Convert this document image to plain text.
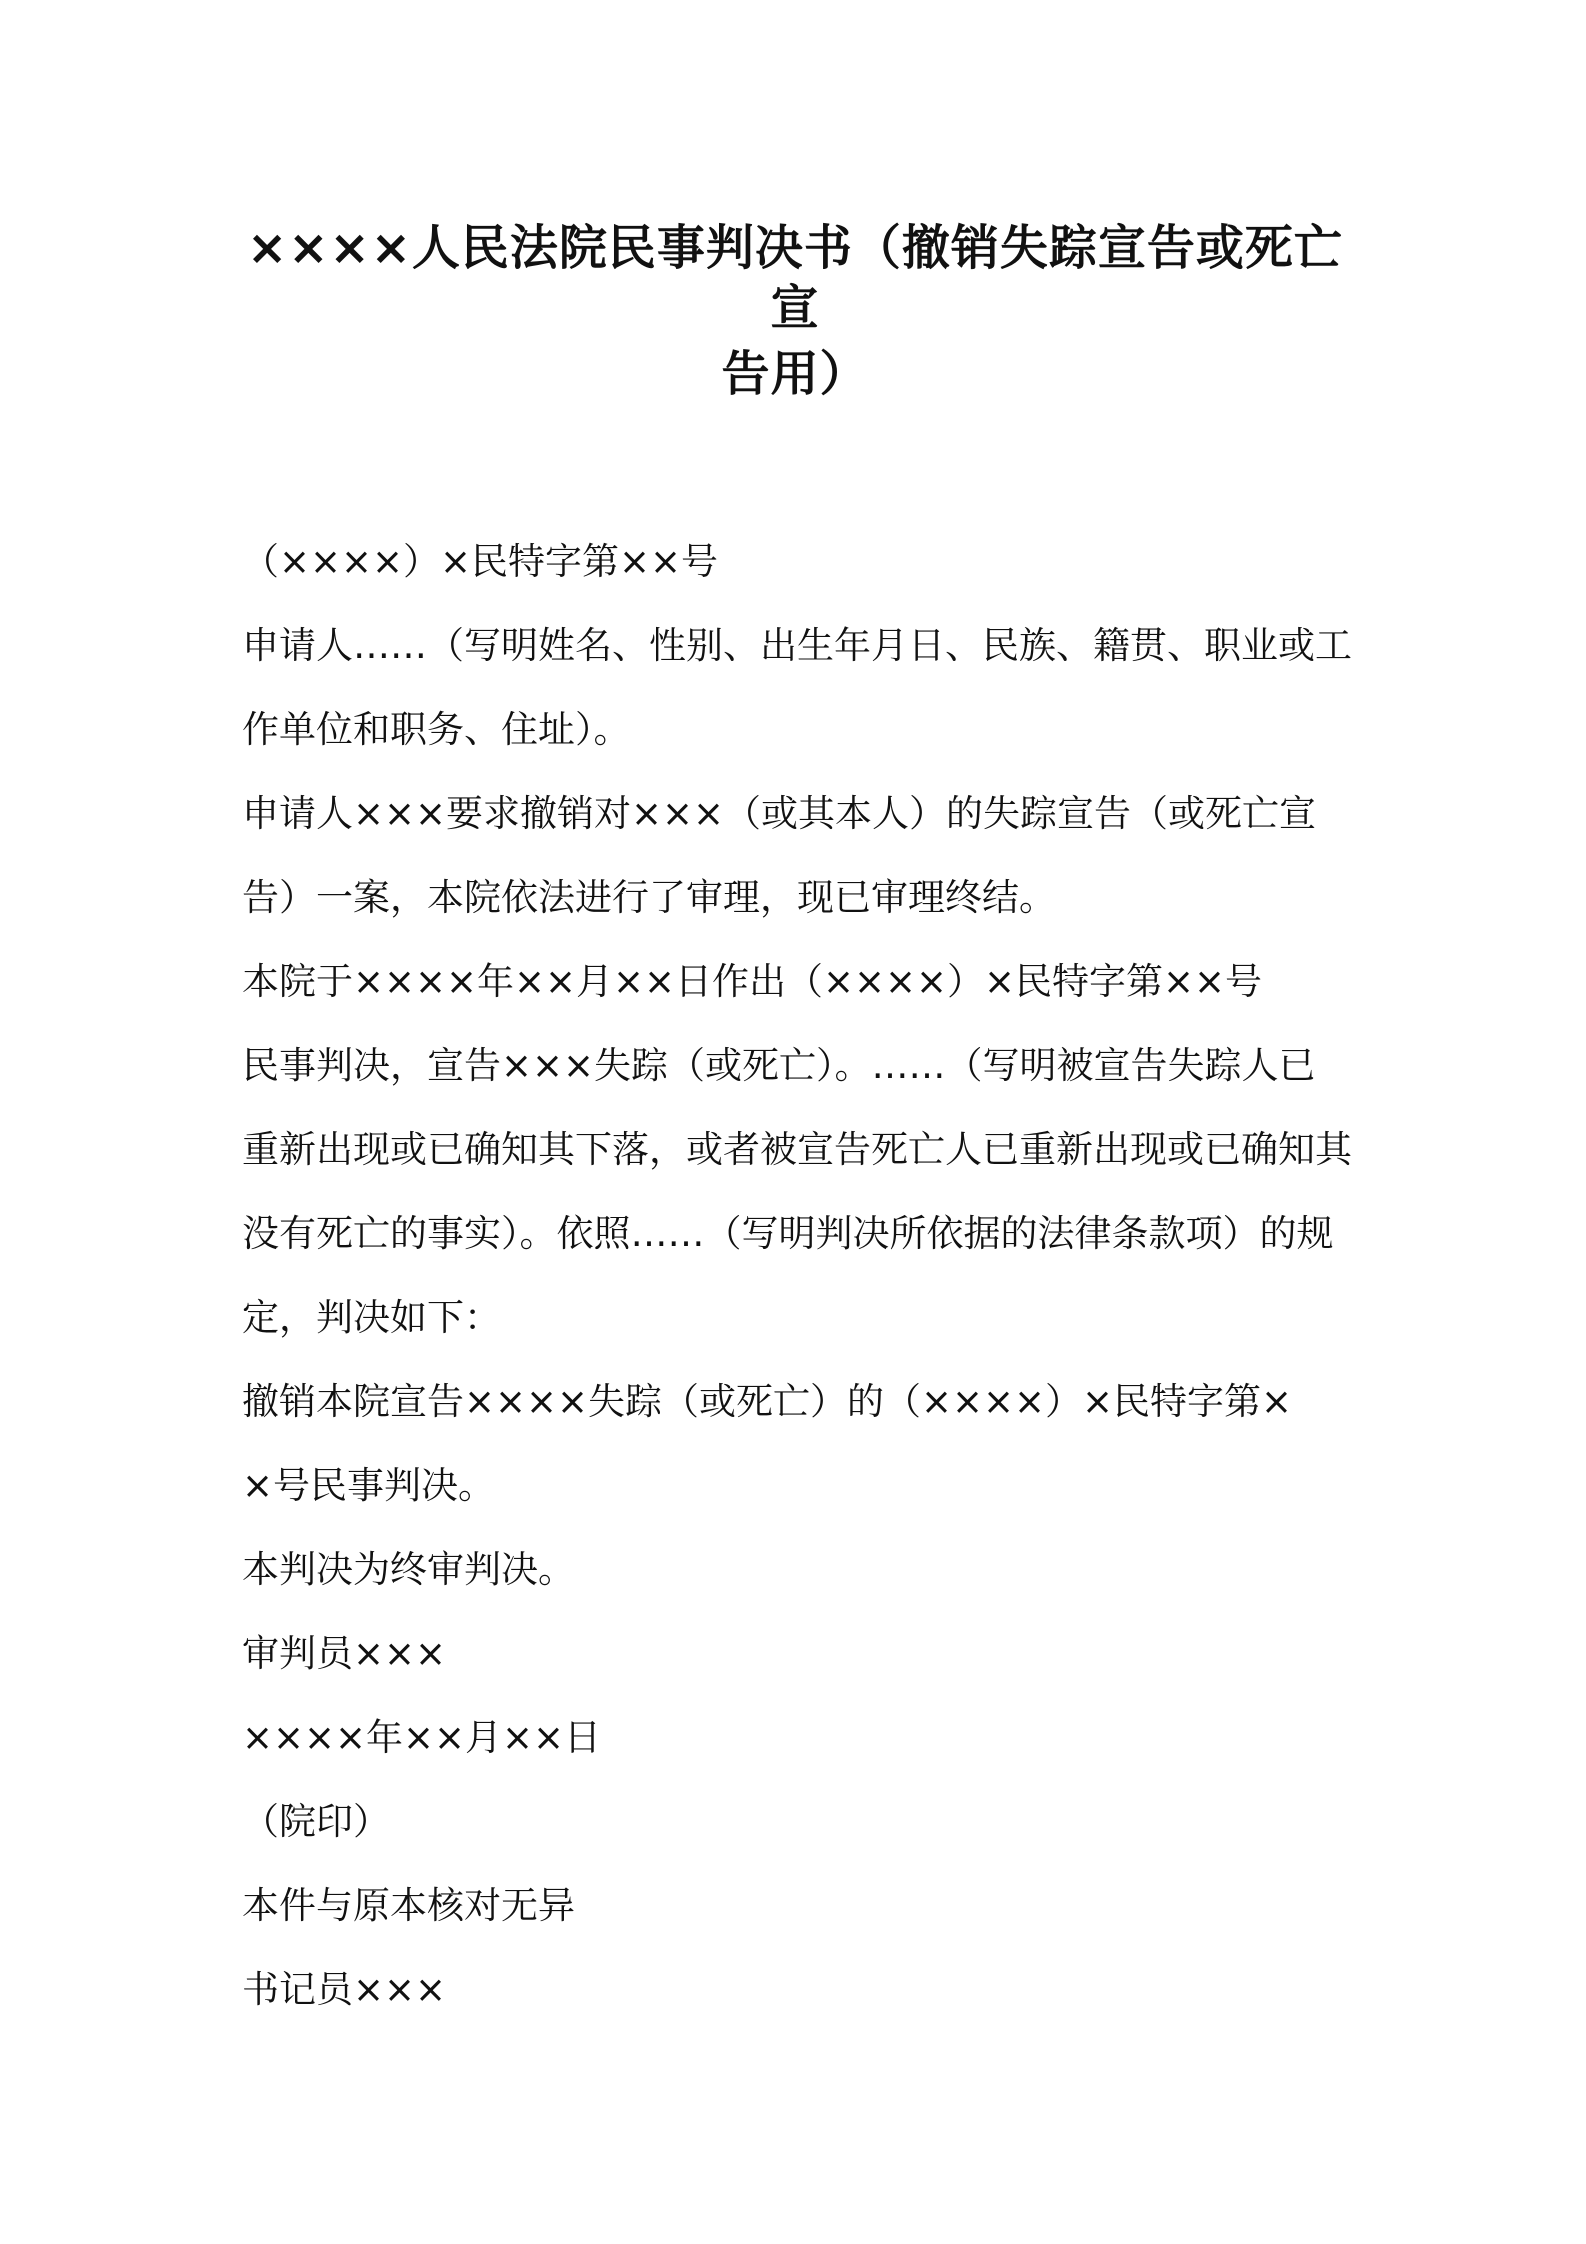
××××人民法院民事判决书（撤销失踪宣告或死亡宣
告用）
（××××）×民特字第××号
申请人……（写明姓名、性别、出生年月日、民族、籍贯、职业或工
作单位和职务、住址）。
申请人×××要求撤销对×××（或其本人）的失踪宣告（或死亡宣
告）一案，本院依法进行了审理，现已审理终结。
本院于××××年××月××日作出（××××）×民特字第××号
民事判决，宣告×××失踪（或死亡）。……（写明被宣告失踪人已
重新出现或已确知其下落，或者被宣告死亡人已重新出现或已确知其
没有死亡的事实）。依照……（写明判决所依据的法律条款项）的规
定，判决如下：
撤销本院宣告××××失踪（或死亡）的（××××）×民特字第×
×号民事判决。
本判决为终审判决。
审判员×××
××××年××月××日
（院印）
本件与原本核对无异
书记员×××
